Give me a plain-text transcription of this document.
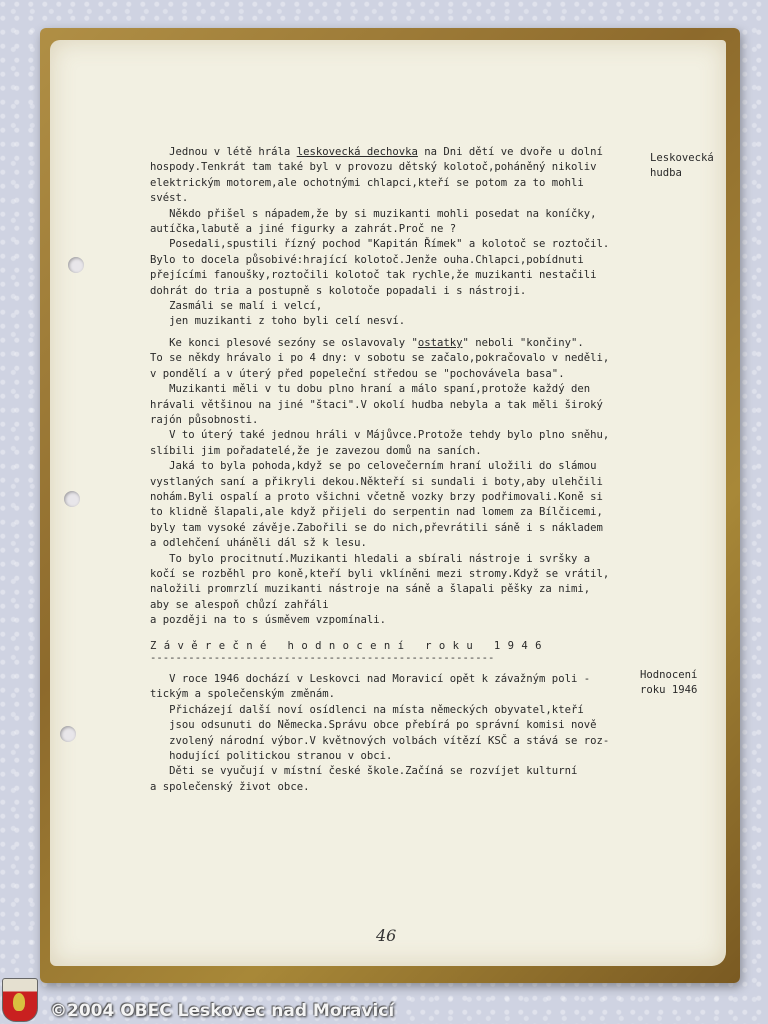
Jednou v létě hrála leskovecká dechovka na Dni dětí ve dvoře u dolní
hospody.Tenkrát tam také byl v provozu dětský kolotoč,poháněný nikoliv
elektrickým motorem,ale ochotnými chlapci,kteří se potom za to mohli
svést.
Někdo přišel s nápadem,že by si muzikanti mohli posedat na koníčky,
autíčka,labutě a jiné figurky a zahrát.Proč ne ?
Posedali,spustili řízný pochod "Kapitán Římek" a kolotoč se roztočil.
Bylo to docela působivé:hrající kolotoč.Jenže ouha.Chlapci,pobídnuti
přejícími fanoušky,roztočili kolotoč tak rychle,že muzikanti nestačili
dohrát do tria a postupně s kolotoče popadali i s nástroji.
Zasmáli se malí i velcí,
jen muzikanti z toho byli celí nesví.
Ke konci plesové sezóny se oslavovaly "ostatky" neboli "končiny".
To se někdy hrávalo i po 4 dny: v sobotu se začalo,pokračovalo v neděli,
v pondělí a v úterý před popeleční středou se "pochovávela basa".
Muzikanti měli v tu dobu plno hraní a málo spaní,protože každý den
hrávali většinou na jiné "štaci".V okolí hudba nebyla a tak měli široký
rajón působnosti.
V to úterý také jednou hráli v Májůvce.Protože tehdy bylo plno sněhu,
slíbili jim pořadatelé,že je zavezou domů na saních.
Jaká to byla pohoda,když se po celovečerním hraní uložili do slámou
vystlaných saní a přikryli dekou.Někteří si sundali i boty,aby ulehčili
nohám.Byli ospalí a proto všichni včetně vozky brzy podřimovali.Koně si
to klidně šlapali,ale když přijeli do serpentin nad lomem za Bílčicemi,
byly tam vysoké závěje.Zabořili se do nich,převrátili sáně i s nákladem
a odlehčení uháněli dál sž k lesu.
To bylo procitnutí.Muzikanti hledali a sbírali nástroje i svršky a
kočí se rozběhl pro koně,kteří byli vklíněni mezi stromy.Když se vrátil,
naložili promrzlí muzikanti nástroje na sáně a šlapali pěšky za nimi,
aby se alespoň chůzí zahřáli
a později na to s úsměvem vzpomínali.
Z á v ě r e č n é   h o d n o c e n í   r o k u   1 9 4 6
------------------------------------------------------
V roce 1946 dochází v Leskovci nad Moravicí opět k závažným poli -
tickým a společenským změnám.
Přicházejí další noví osídlenci na místa německých obyvatel,kteří
jsou odsunuti do Německa.Správu obce přebírá po správní komisi nově
zvolený národní výbor.V květnových volbách vítězí KSČ a stává se roz-
hodující politickou stranou v obci.
Děti se vyučují v místní české škole.Začíná se rozvíjet kulturní
a společenský život obce.
Leskovecká
hudba
Hodnocení
roku 1946
46
©2004 OBEC Leskovec nad Moravicí
